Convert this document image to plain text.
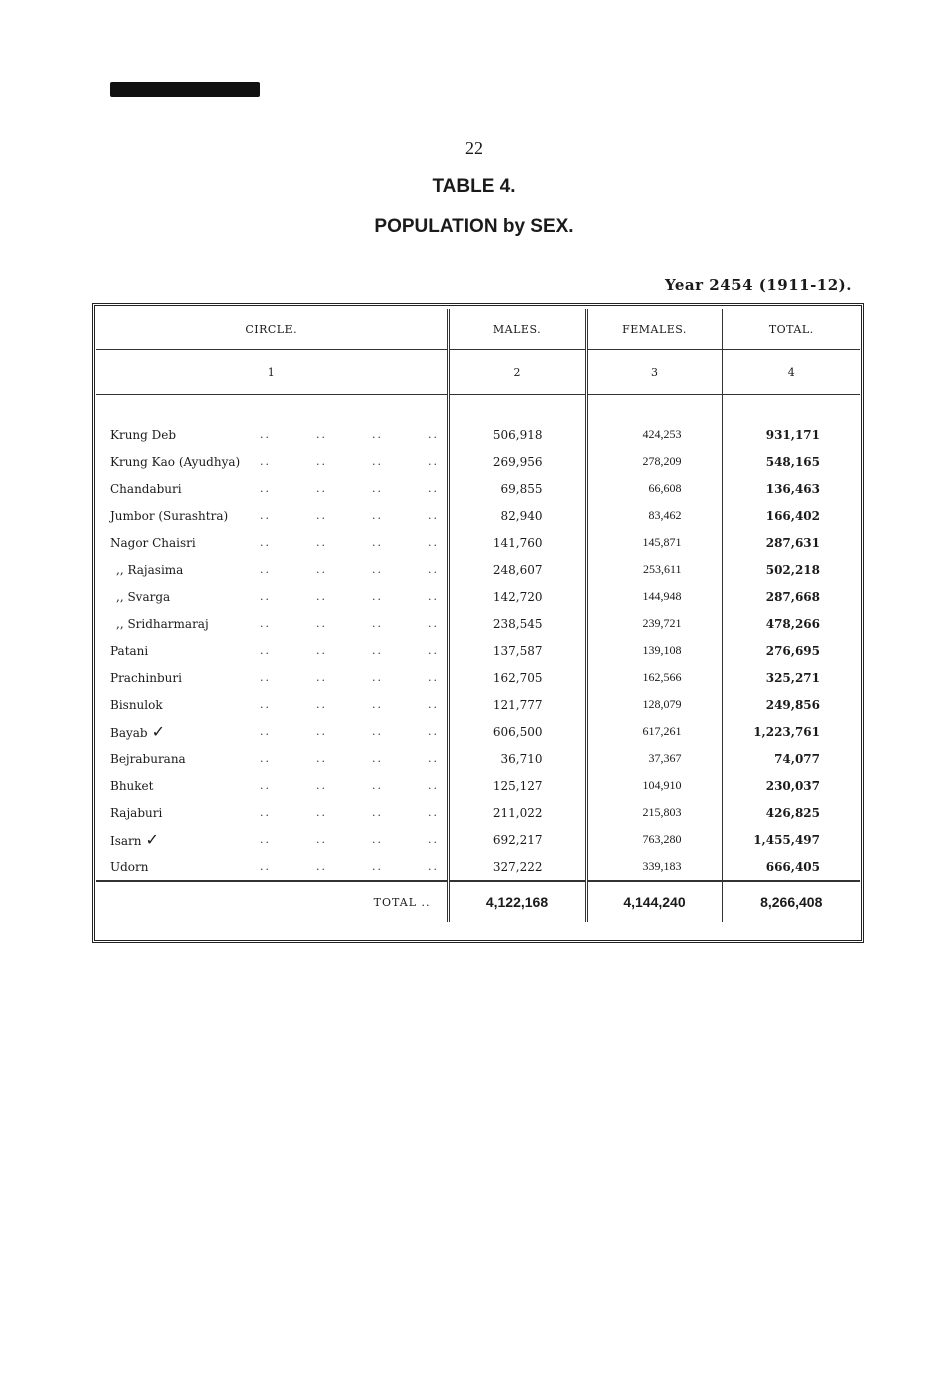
22
TABLE 4.
POPULATION by SEX.
Year 2454 (1911-12).
CIRCLE.	MALES.	FEMALES.	TOTAL.
1	2	3	4

Krung Deb .. .. .. ..	506,918	424,253	931,171
Krung Kao (Ayudhya) .. .. .. ..	269,956	278,209	548,165
Chandaburi .. .. .. ..	69,855	66,608	136,463
Jumbor (Surashtra) .. .. .. ..	82,940	83,462	166,402
Nagor Chaisri .. .. .. ..	141,760	145,871	287,631
,, Rajasima .. .. .. ..	248,607	253,611	502,218
,, Svarga .. .. .. ..	142,720	144,948	287,668
,, Sridharmaraj .. .. .. ..	238,545	239,721	478,266
Patani .. .. .. ..	137,587	139,108	276,695
Prachinburi .. .. .. ..	162,705	162,566	325,271
Bisnulok .. .. .. ..	121,777	128,079	249,856
Bayab ✓ .. .. .. ..	606,500	617,261	1,223,761
Bejraburana .. .. .. ..	36,710	37,367	74,077
Bhuket .. .. .. ..	125,127	104,910	230,037
Rajaburi .. .. .. ..	211,022	215,803	426,825
Isarn ✓ .. .. .. ..	692,217	763,280	1,455,497
Udorn .. .. .. ..	327,222	339,183	666,405
TOTAL ..	4,122,168	4,144,240	8,266,408
